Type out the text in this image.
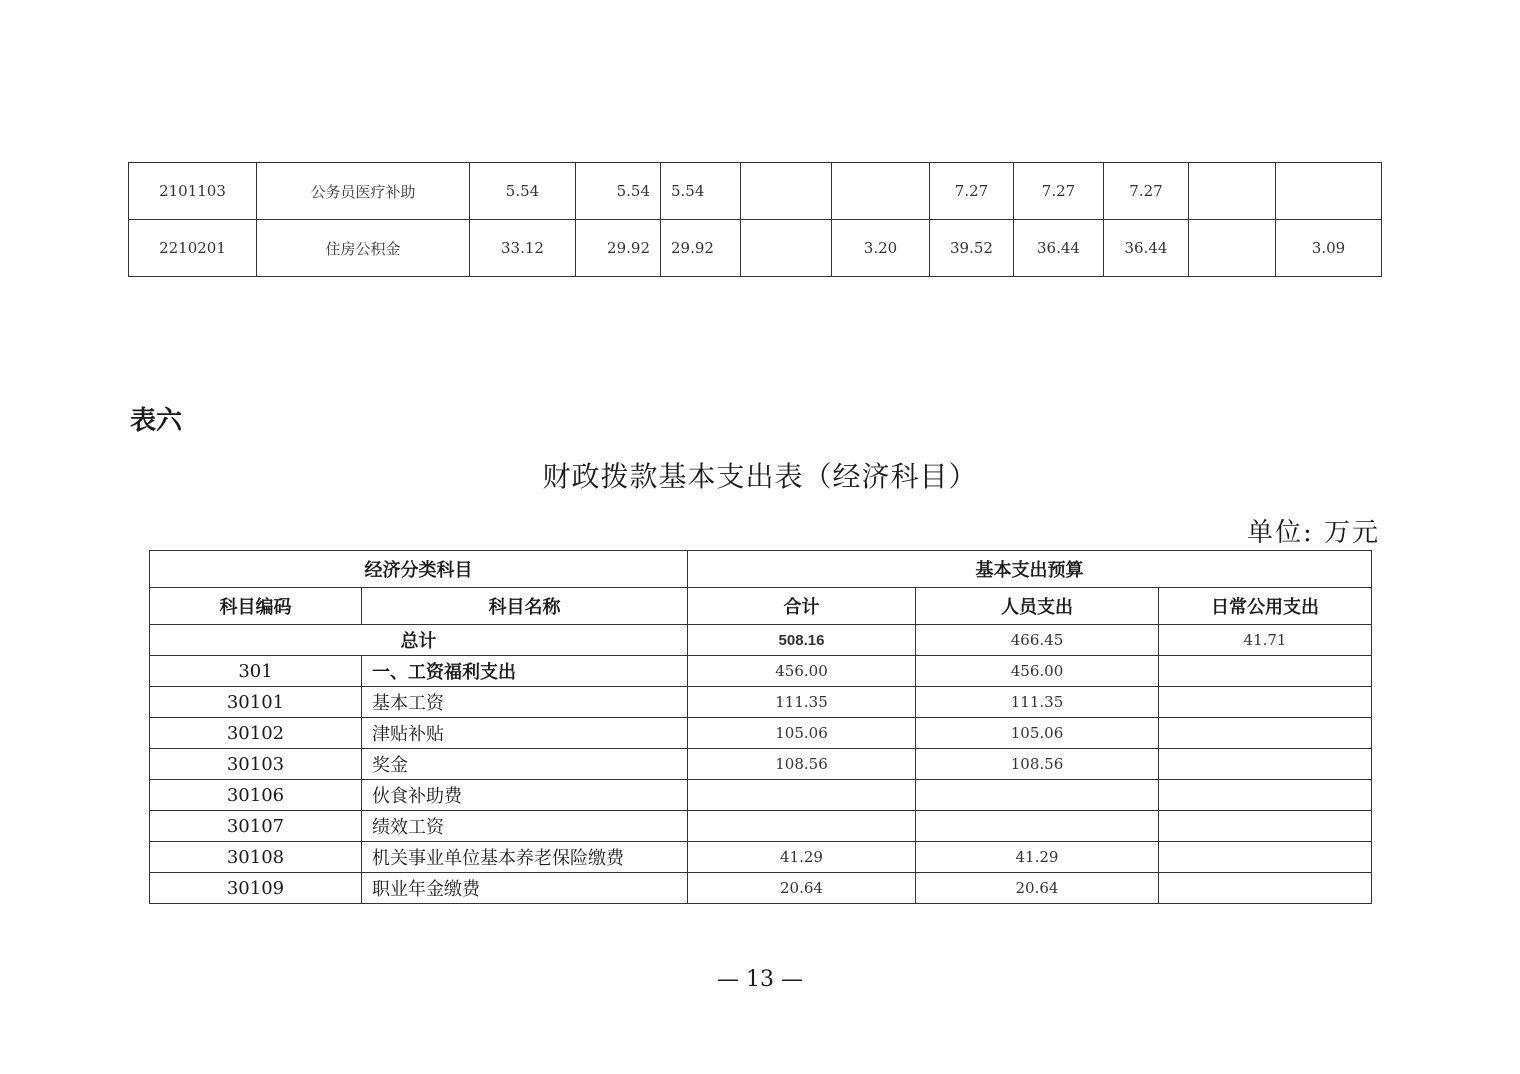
2101103	公务员医疗补助	5.54	5.54	5.54			7.27	7.27	7.27		
2210201	住房公积金	33.12	29.92	29.92		3.20	39.52	36.44	36.44		3.09
表六
财政拨款基本支出表（经济科目）
单位: 万元
经济分类科目		基本支出预算		
科目编码	科目名称	合计	人员支出	日常公用支出
总计		508.16	466.45	41.71
301	一、工资福利支出	456.00	456.00	
30101	基本工资	111.35	111.35	
30102	津贴补贴	105.06	105.06	
30103	奖金	108.56	108.56	
30106	伙食补助费			
30107	绩效工资			
30108	机关事业单位基本养老保险缴费	41.29	41.29	
30109	职业年金缴费	20.64	20.64	
— 13 —
